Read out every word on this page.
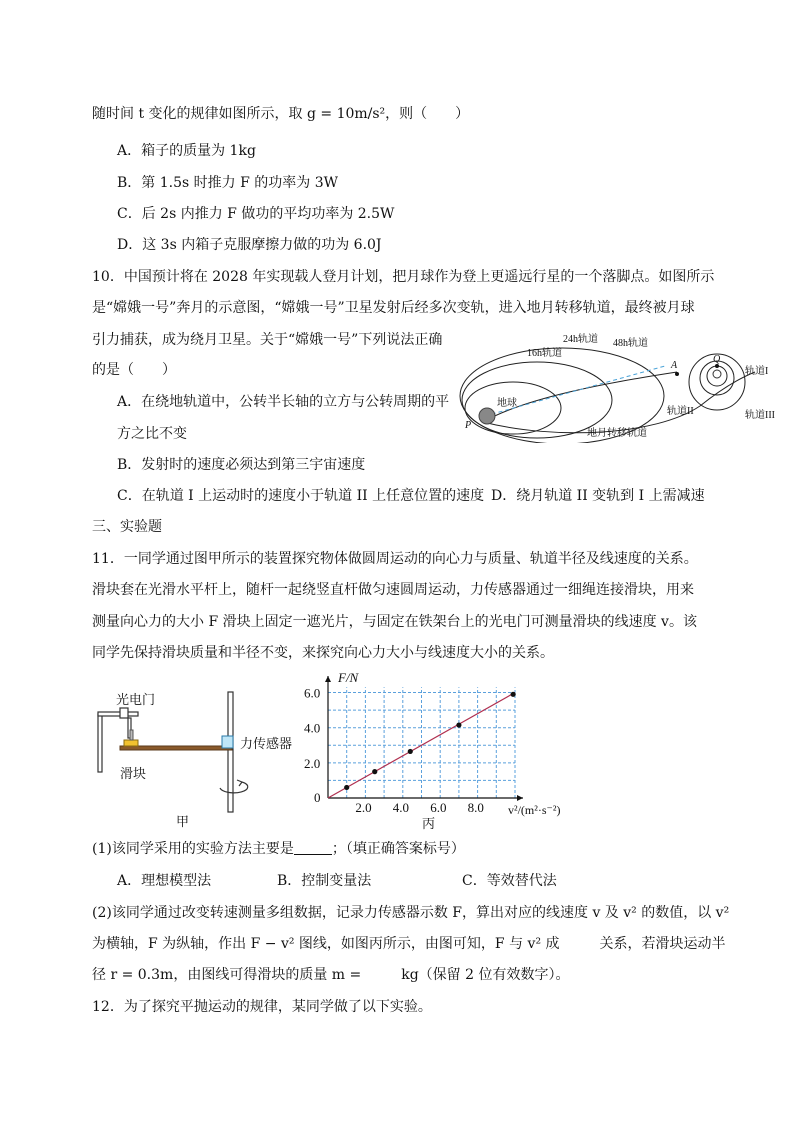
随时间 t 变化的规律如图所示，取 g = 10m/s²，则（　　）
A．箱子的质量为 1kg
B．第 1.5s 时推力 F 的功率为 3W
C．后 2s 内推力 F 做功的平均功率为 2.5W
D．这 3s 内箱子克服摩擦力做的功为 6.0J
10．中国预计将在 2028 年实现载人登月计划，把月球作为登上更遥远行星的一个落脚点。如图所示
是“嫦娥一号”奔月的示意图，“嫦娥一号”卫星发射后经多次变轨，进入地月转移轨道，最终被月球
引力捕获，成为绕月卫星。关于“嫦娥一号”下列说法正确
的是（　　）
A．在绕地轨道中，公转半长轴的立方与公转周期的平
方之比不变
B．发射时的速度必须达到第三宇宙速度
C．在轨道 I 上运动时的速度小于轨道 II 上任意位置的速度 D．绕月轨道 II 变轨到 I 上需减速
16h轨道
24h轨道 48h轨道
地球
P
A
Q
地月转移轨道
轨道I
轨道II	轨道III
三、实验题
11．一同学通过图甲所示的装置探究物体做圆周运动的向心力与质量、轨道半径及线速度的关系。
滑块套在光滑水平杆上，随杆一起绕竖直杆做匀速圆周运动，力传感器通过一细绳连接滑块，用来
测量向心力的大小 F 滑块上固定一遮光片，与固定在铁架台上的光电门可测量滑块的线速度 v。该
同学先保持滑块质量和半径不变，来探究向心力大小与线速度大小的关系。
光电门
力传感器
滑块
甲
F/N
v²/(m²·s⁻²)
0
2.0 4.0 6.0 8.0
2.0
4.0
6.0
丙
(1)该同学采用的实验方法主要是	；（填正确答案标号）
A．理想模型法	B．控制变量法	C．等效替代法
(2)该同学通过改变转速测量多组数据，记录力传感器示数 F，算出对应的线速度 v 及 v² 的数值，以 v²
为横轴，F 为纵轴，作出 F − v² 图线，如图丙所示，由图可知，F 与 v² 成	关系，若滑块运动半
径 r = 0.3m，由图线可得滑块的质量 m =	kg（保留 2 位有效数字）。
12．为了探究平抛运动的规律，某同学做了以下实验。
